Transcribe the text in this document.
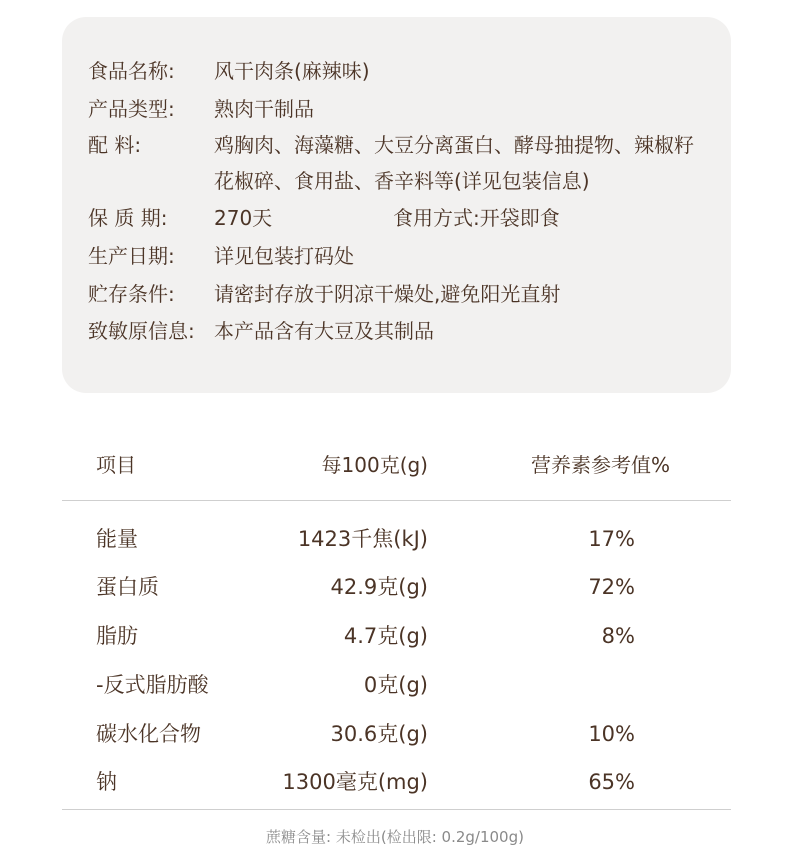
食品名称:	风干肉条(麻辣味)
产品类型:	熟肉干制品
配 料:	鸡胸肉、海藻糖、大豆分离蛋白、酵母抽提物、辣椒籽花椒碎、食用盐、香辛料等(详见包装信息)
保 质 期:	270天	食用方式:开袋即食
生产日期:	详见包装打码处
贮存条件:	请密封存放于阴凉干燥处,避免阳光直射
致敏原信息: 本产品含有大豆及其制品
项目	每100克(g)	营养素参考值%
能量	1423千焦(kJ)	17%
蛋白质	42.9克(g)	72%
脂肪	4.7克(g)	8%
-反式脂肪酸	0克(g)
碳水化合物	30.6克(g)	10%
钠	1300毫克(mg)	65%
蔗糖含量: 未检出(检出限: 0.2g/100g)
